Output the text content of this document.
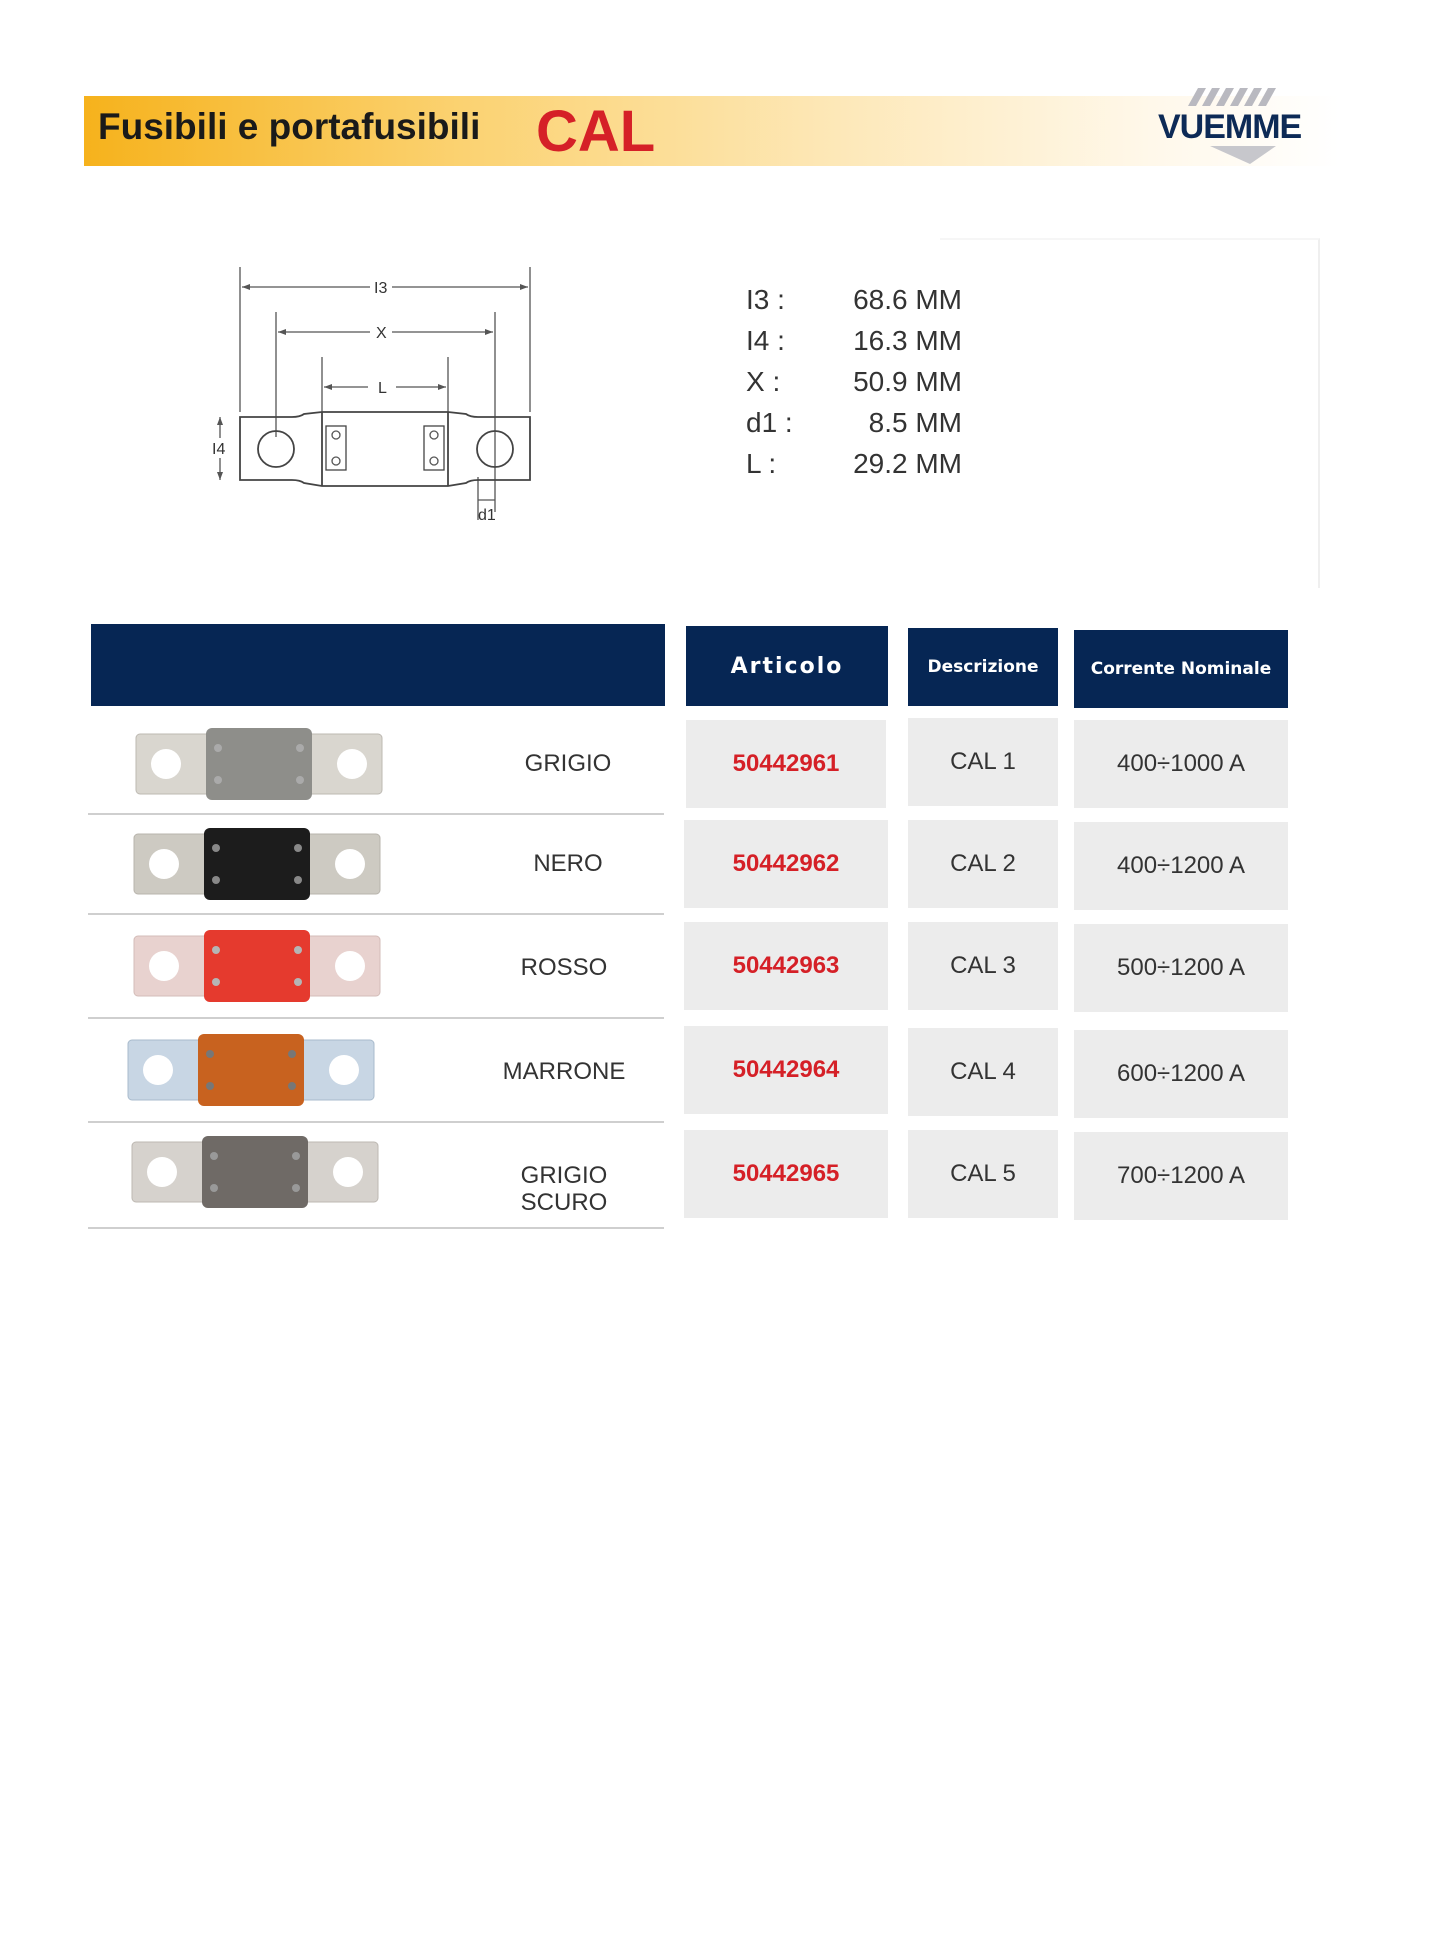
Fusibili e portafusibili CAL	VUEMME
I3
X
L
I4
d1
I3 :	68.6 MM
I4 :	16.3 MM
X :	50.9 MM
d1 :	8.5 MM
L :	29.2 MM
Articolo	Descrizione	Corrente Nominale
GRIGIO	50442961	CAL 1	400÷1000 A
NERO	50442962	CAL 2	400÷1200 A
ROSSO	50442963	CAL 3	500÷1200 A
MARRONE	50442964	CAL 4	600÷1200 A
GRIGIO
SCURO
50442965	CAL 5	700÷1200 A
